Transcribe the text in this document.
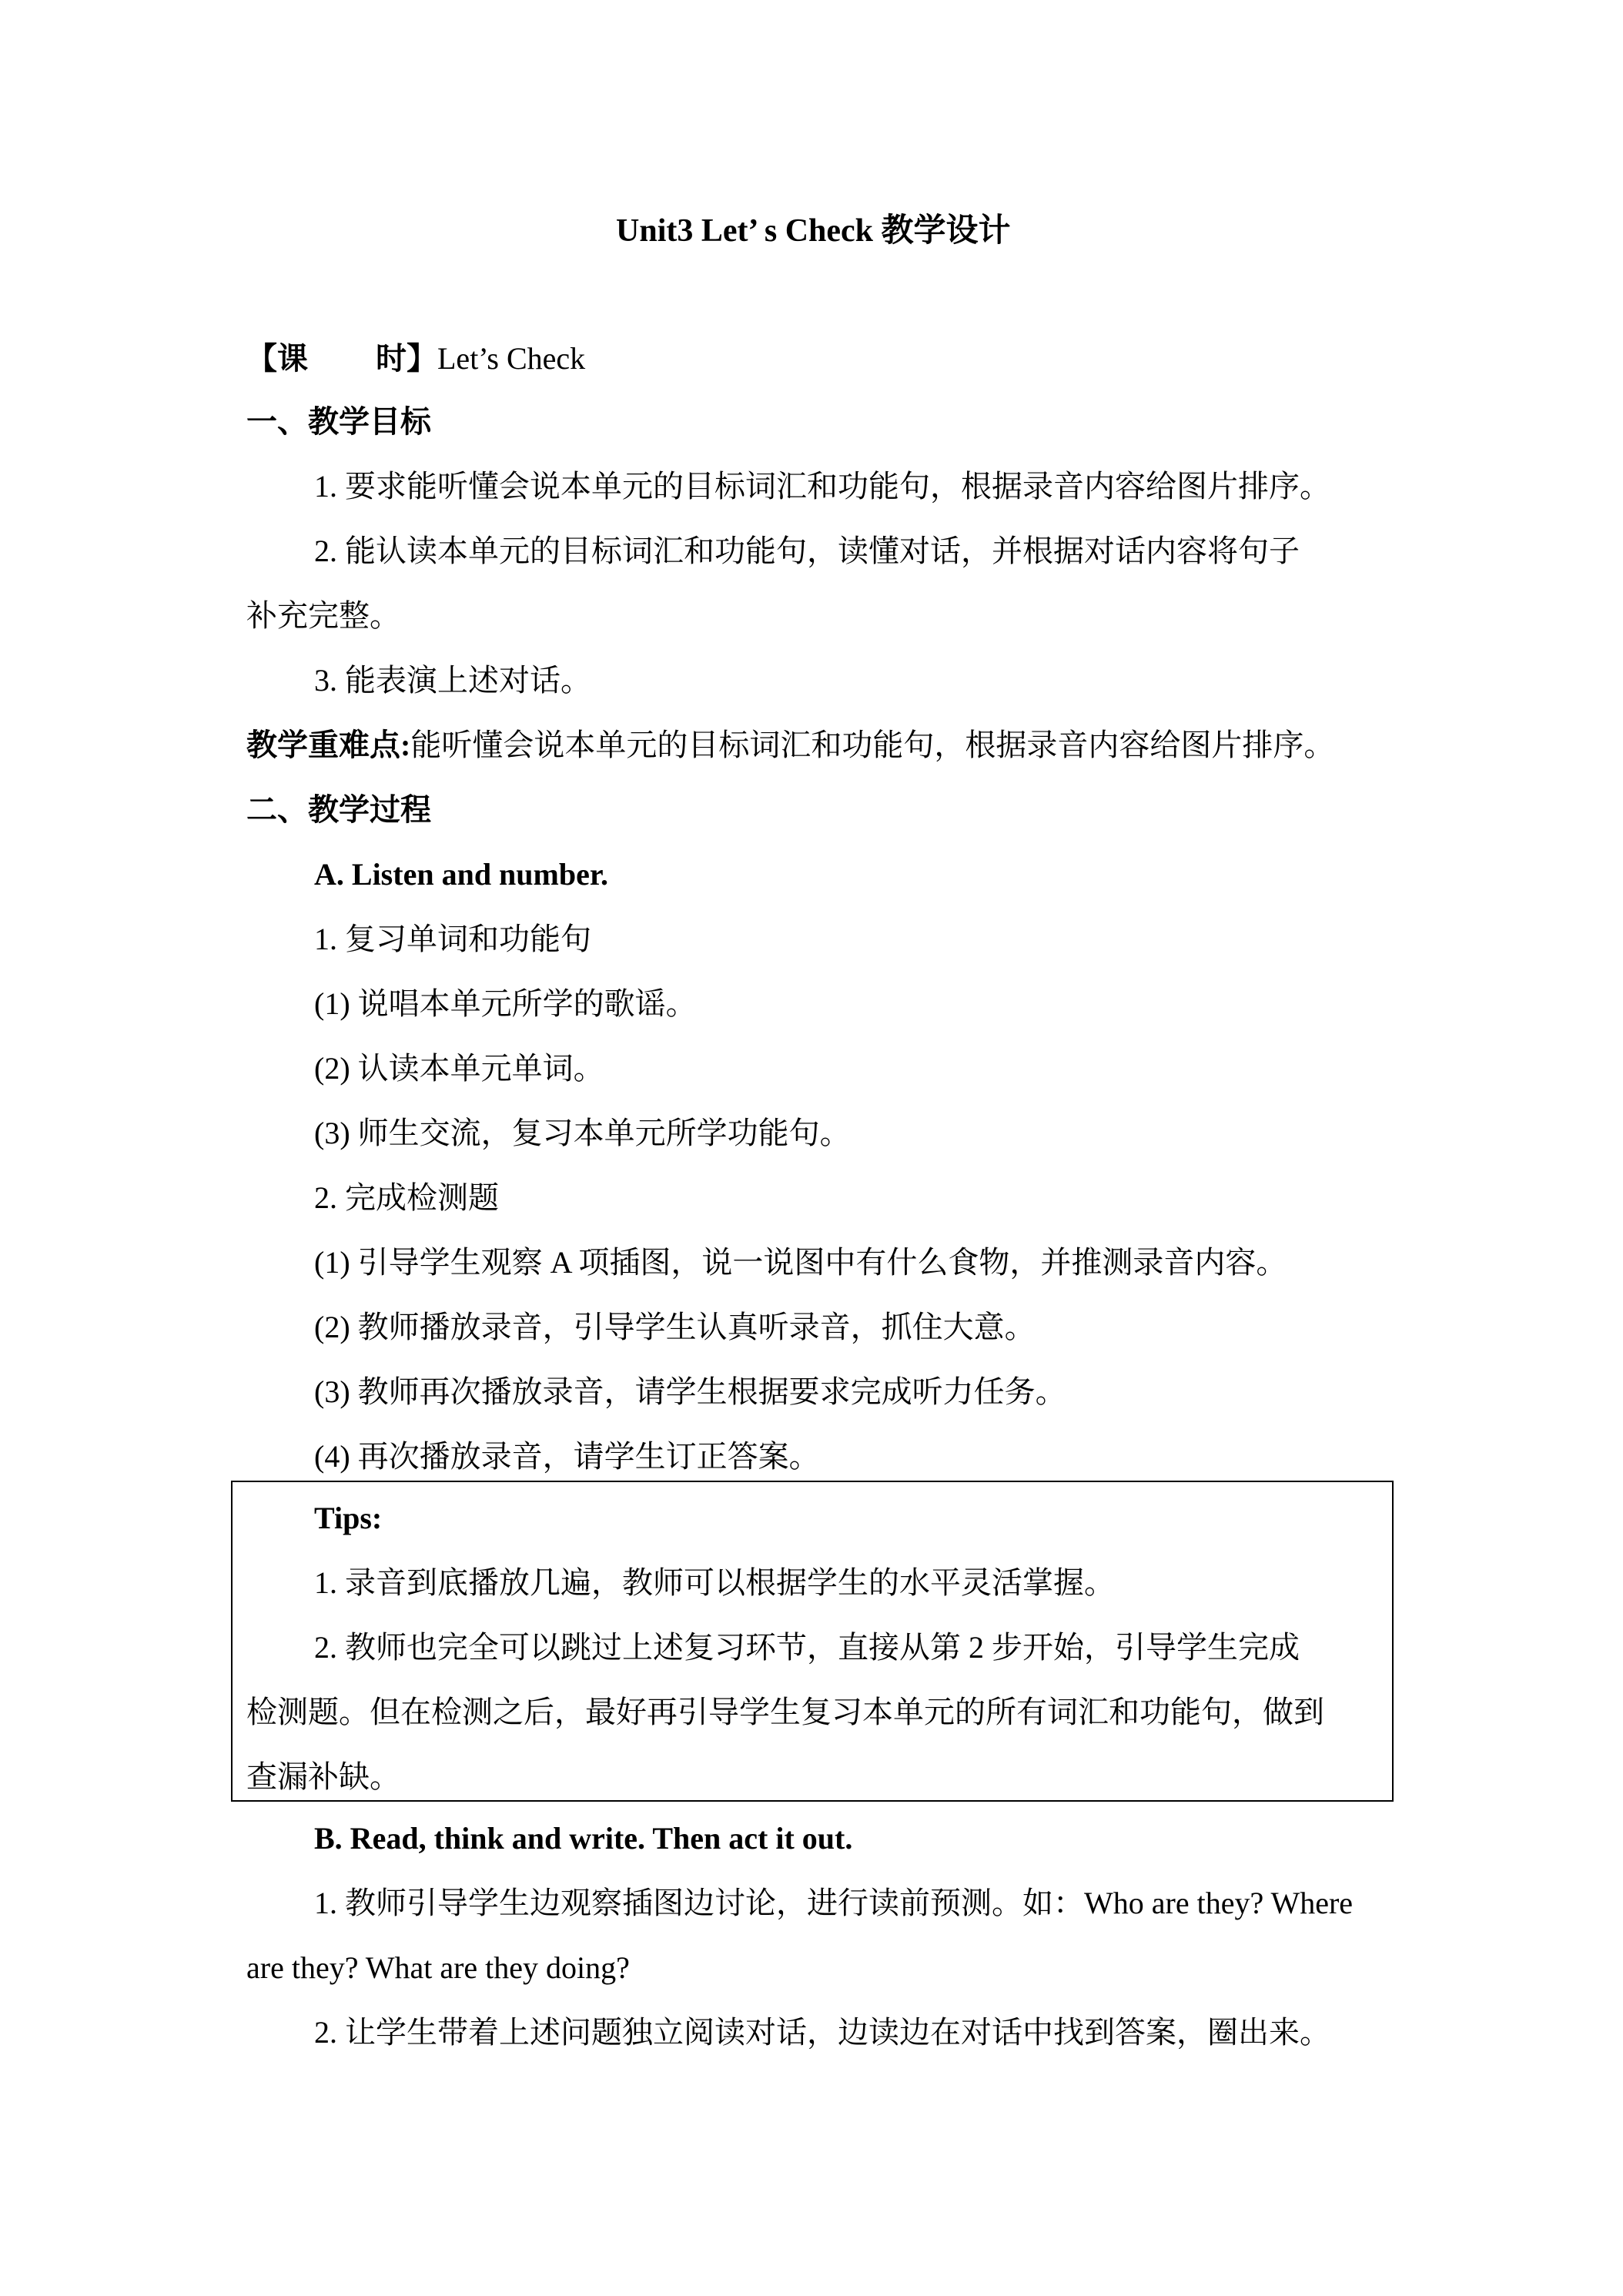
Unit3 Let’ s Check 教学设计

【课 时】Let’s Check

一、教学目标

1. 要求能听懂会说本单元的目标词汇和功能句，根据录音内容给图片排序。

2. 能认读本单元的目标词汇和功能句，读懂对话，并根据对话内容将句子

补充完整。

3. 能表演上述对话。

教学重难点:能听懂会说本单元的目标词汇和功能句，根据录音内容给图片排序。

二、教学过程

A. Listen and number.

1. 复习单词和功能句

(1) 说唱本单元所学的歌谣。

(2) 认读本单元单词。

(3) 师生交流，复习本单元所学功能句。

2. 完成检测题

(1) 引导学生观察 A 项插图，说一说图中有什么食物，并推测录音内容。

(2) 教师播放录音，引导学生认真听录音，抓住大意。

(3) 教师再次播放录音，请学生根据要求完成听力任务。

(4) 再次播放录音，请学生订正答案。

Tips:

1. 录音到底播放几遍，教师可以根据学生的水平灵活掌握。

2. 教师也完全可以跳过上述复习环节，直接从第 2 步开始，引导学生完成

检测题。但在检测之后，最好再引导学生复习本单元的所有词汇和功能句，做到

查漏补缺。

B. Read, think and write. Then act it out.

1. 教师引导学生边观察插图边讨论，进行读前预测。如：Who are they? Where

are they? What are they doing?

2. 让学生带着上述问题独立阅读对话，边读边在对话中找到答案，圈出来。
